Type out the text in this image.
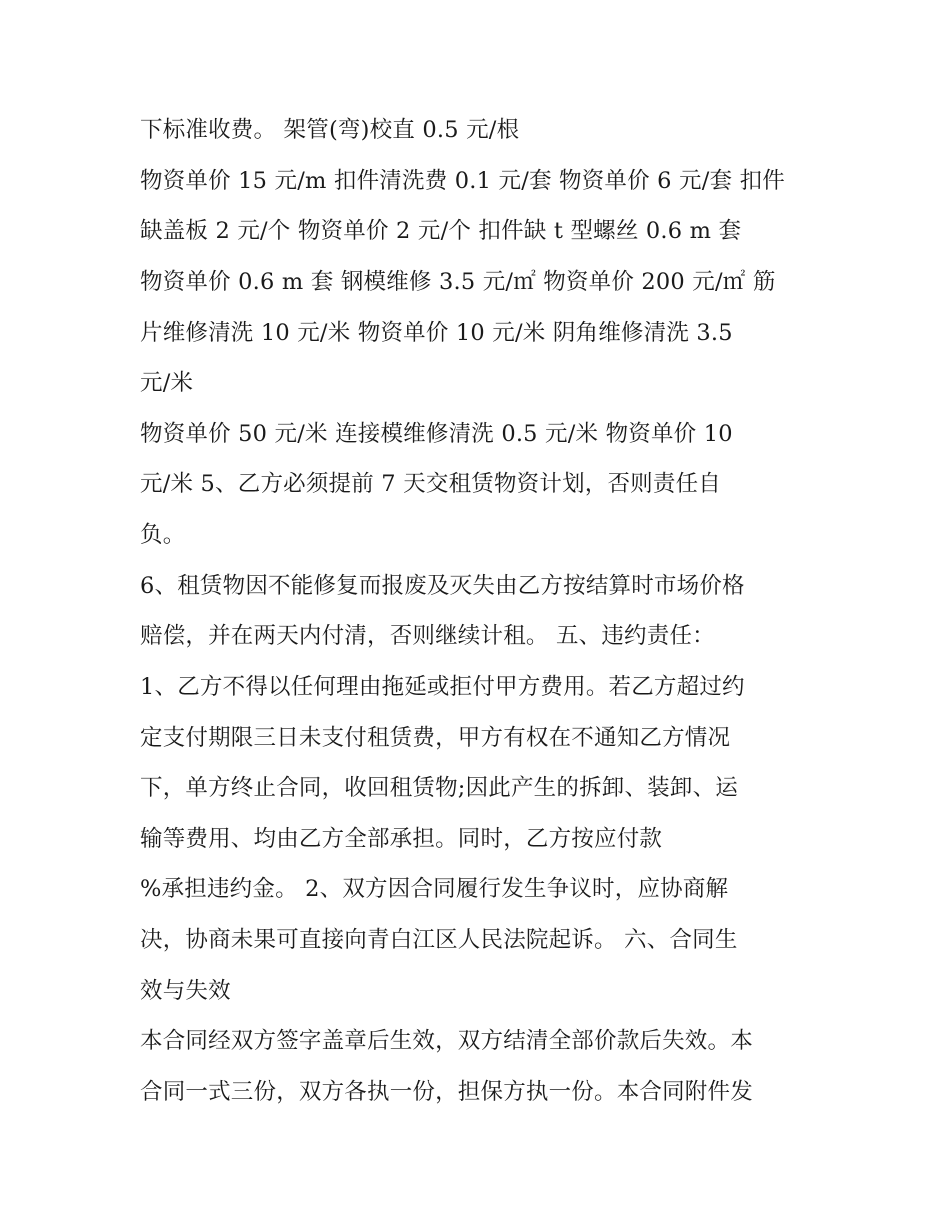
下标准收费。 架管(弯)校直 0.5 元/根

物资单价 15 元/m 扣件清洗费 0.1 元/套 物资单价 6 元/套 扣件

缺盖板 2 元/个 物资单价 2 元/个 扣件缺 t 型螺丝 0.6 m 套

物资单价 0.6 m 套 钢模维修 3.5 元/㎡ 物资单价 200 元/㎡ 筋

片维修清洗 10 元/米 物资单价 10 元/米 阴角维修清洗 3.5

元/米

物资单价 50 元/米 连接模维修清洗 0.5 元/米 物资单价 10

元/米 5、乙方必须提前 7 天交租赁物资计划，否则责任自

负。

6、租赁物因不能修复而报废及灭失由乙方按结算时市场价格

赔偿，并在两天内付清，否则继续计租。 五、违约责任：

1、乙方不得以任何理由拖延或拒付甲方费用。若乙方超过约

定支付期限三日未支付租赁费，甲方有权在不通知乙方情况

下，单方终止合同，收回租赁物;因此产生的拆卸、装卸、运

输等费用、均由乙方全部承担。同时，乙方按应付款

%承担违约金。 2、双方因合同履行发生争议时，应协商解

决，协商未果可直接向青白江区人民法院起诉。 六、合同生

效与失效

本合同经双方签字盖章后生效，双方结清全部价款后失效。本

合同一式三份，双方各执一份，担保方执一份。本合同附件发
